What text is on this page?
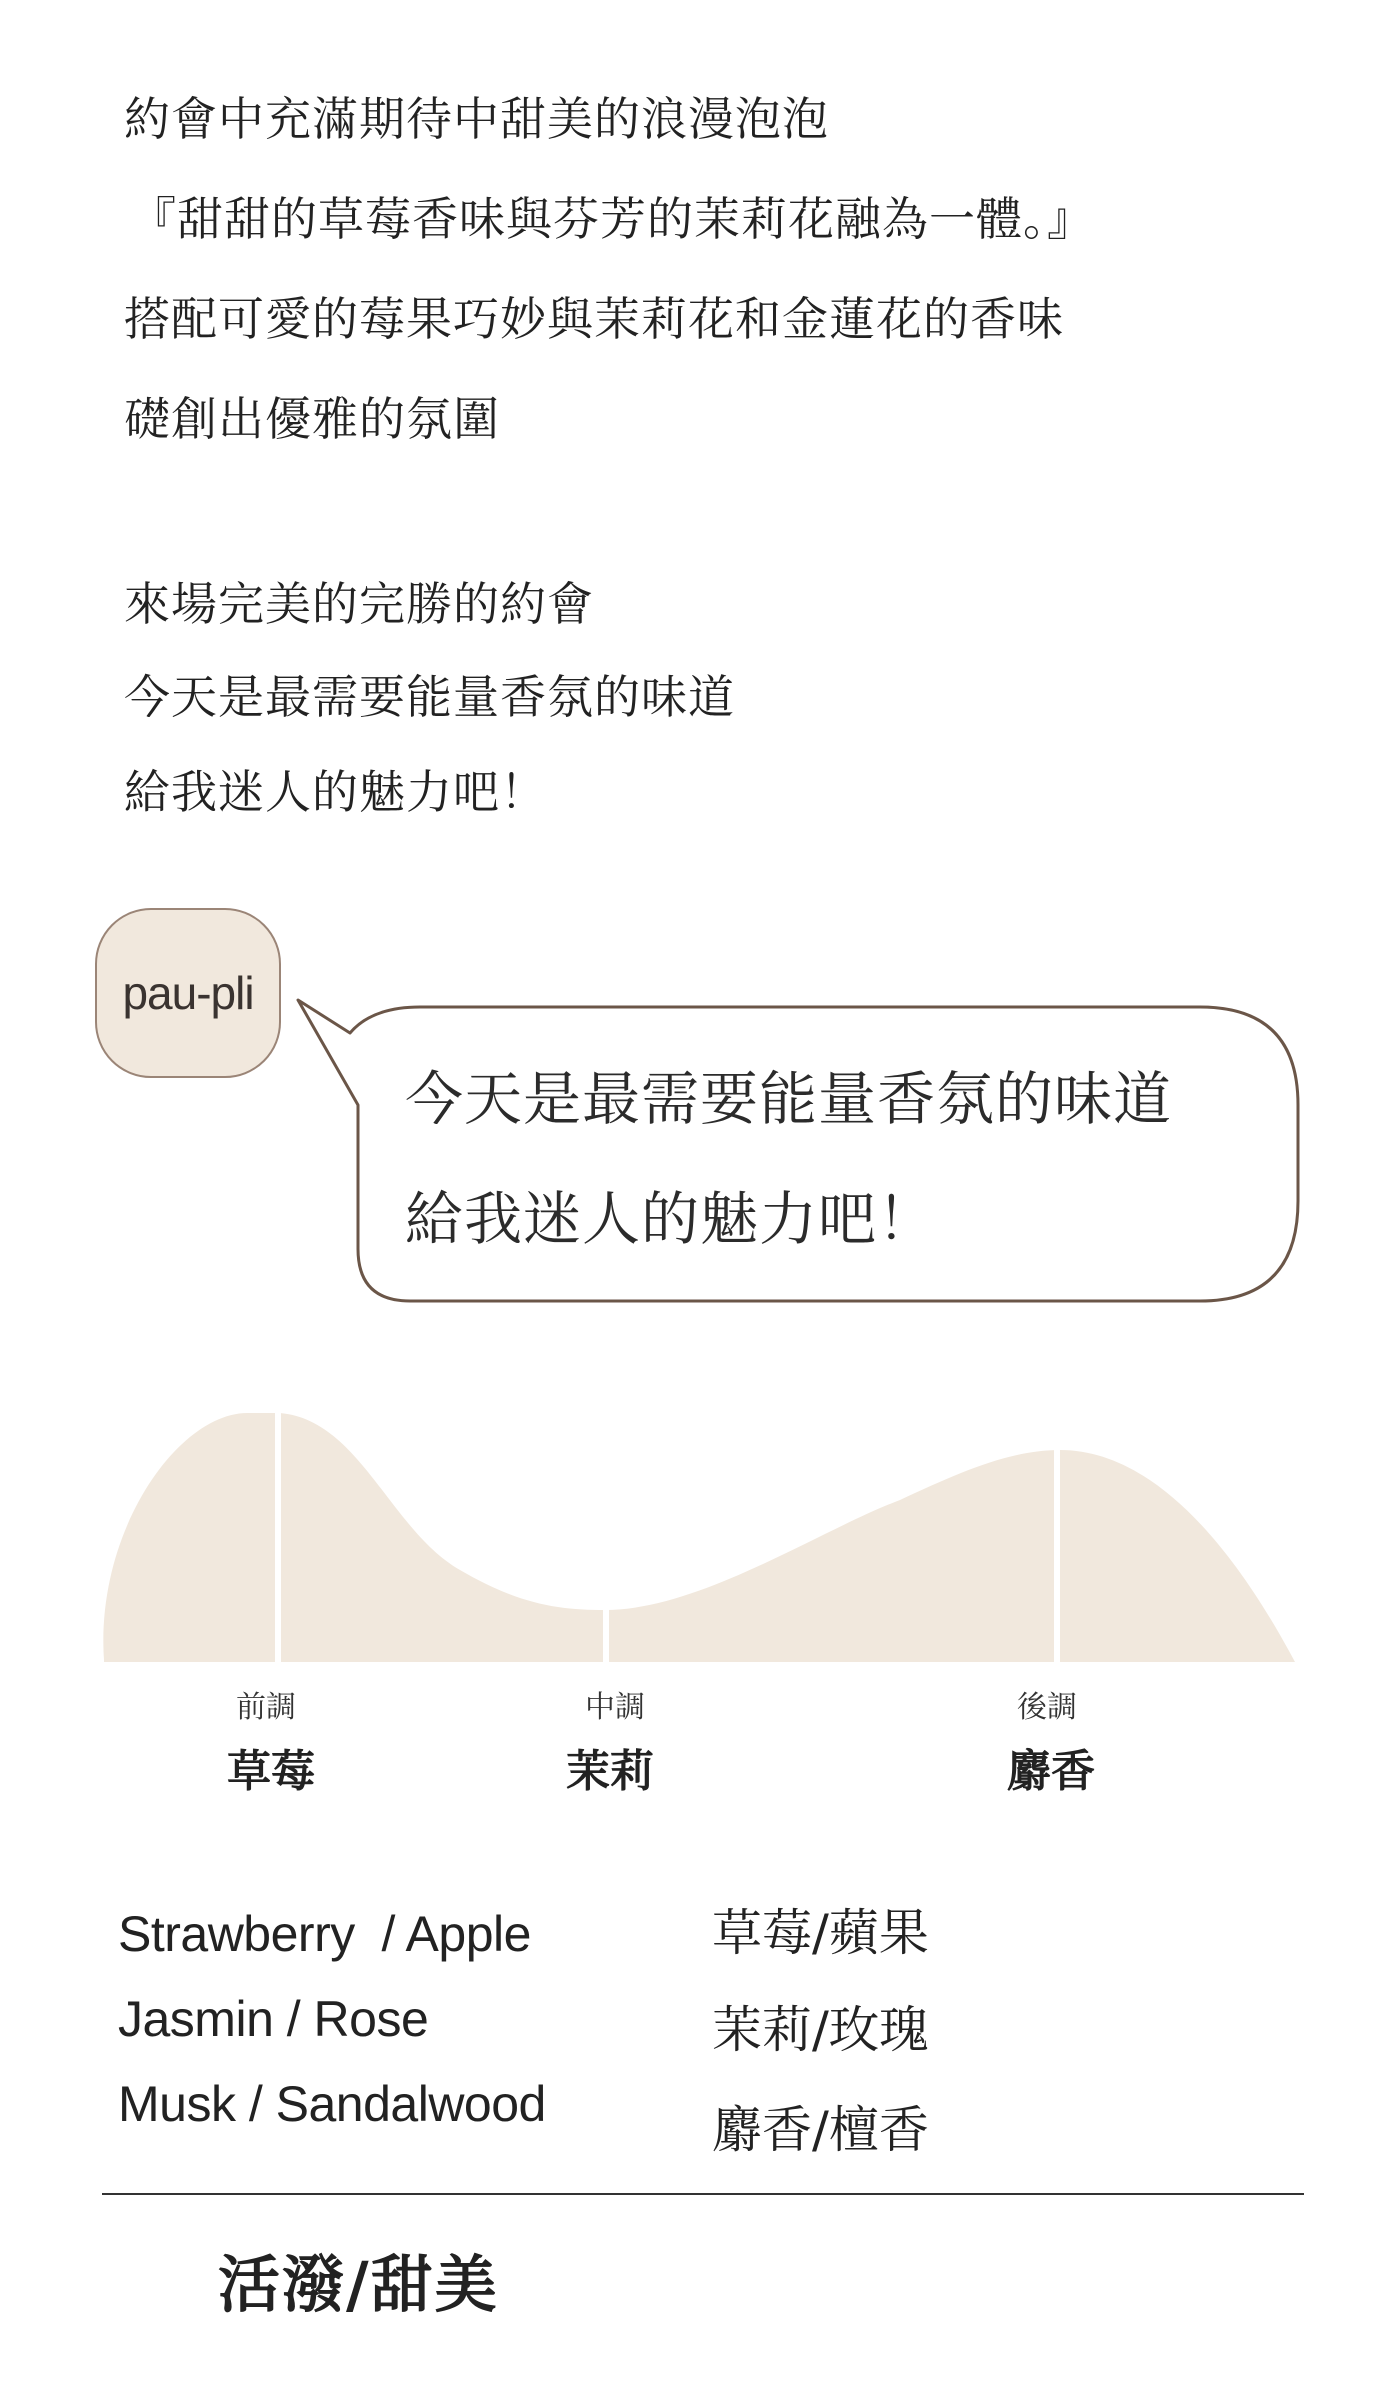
約會中充滿期待中甜美的浪漫泡泡

『甜甜的草莓香味與芬芳的茉莉花融為一體。』

搭配可愛的莓果巧妙與茉莉花和金蓮花的香味

礎創出優雅的氛圍

來場完美的完勝的約會

今天是最需要能量香氛的味道

給我迷人的魅力吧！

pau-pli

今天是最需要能量香氛的味道

給我迷人的魅力吧！

前調
草莓
中調
茉莉
後調
麝香
Strawberry  / Apple
Jasmin / Rose
Musk / Sandalwood
草莓/蘋果
茉莉/玫瑰
麝香/檀香
活潑/甜美
